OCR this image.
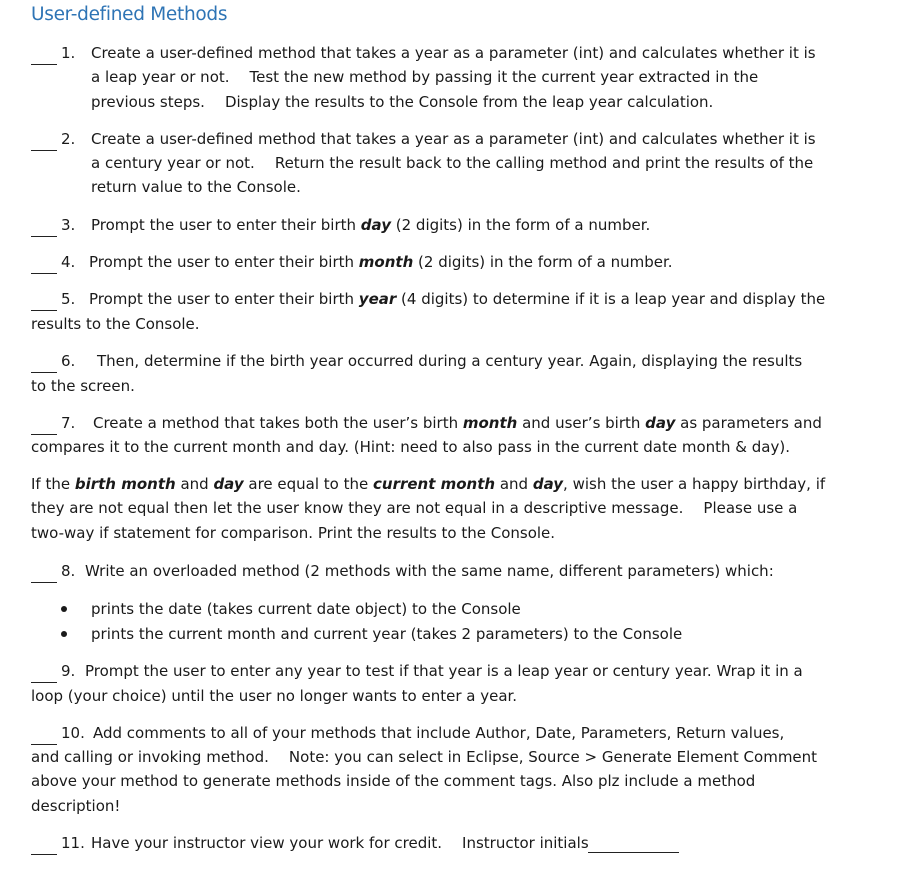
User-defined Methods
1. Create a user-defined method that takes a year as a parameter (int) and calculates whether it is
a leap year or not. Test the new method by passing it the current year extracted in the
previous steps. Display the results to the Console from the leap year calculation.
2. Create a user-defined method that takes a year as a parameter (int) and calculates whether it is
a century year or not. Return the result back to the calling method and print the results of the
return value to the Console.
3. Prompt the user to enter their birth day (2 digits) in the form of a number.
4. Prompt the user to enter their birth month (2 digits) in the form of a number.
5. Prompt the user to enter their birth year (4 digits) to determine if it is a leap year and display the
results to the Console.
6. Then, determine if the birth year occurred during a century year. Again, displaying the results
to the screen.
7. Create a method that takes both the user’s birth month and user’s birth day as parameters and
compares it to the current month and day. (Hint: need to also pass in the current date month & day).
If the birth month and day are equal to the current month and day, wish the user a happy birthday, if
they are not equal then let the user know they are not equal in a descriptive message. Please use a
two-way if statement for comparison. Print the results to the Console.
8. Write an overloaded method (2 methods with the same name, different parameters) which:
prints the date (takes current date object) to the Console
prints the current month and current year (takes 2 parameters) to the Console
9. Prompt the user to enter any year to test if that year is a leap year or century year. Wrap it in a
loop (your choice) until the user no longer wants to enter a year.
10. Add comments to all of your methods that include Author, Date, Parameters, Return values,
and calling or invoking method. Note: you can select in Eclipse, Source > Generate Element Comment
above your method to generate methods inside of the comment tags. Also plz include a method
description!
11. Have your instructor view your work for credit. Instructor initials
